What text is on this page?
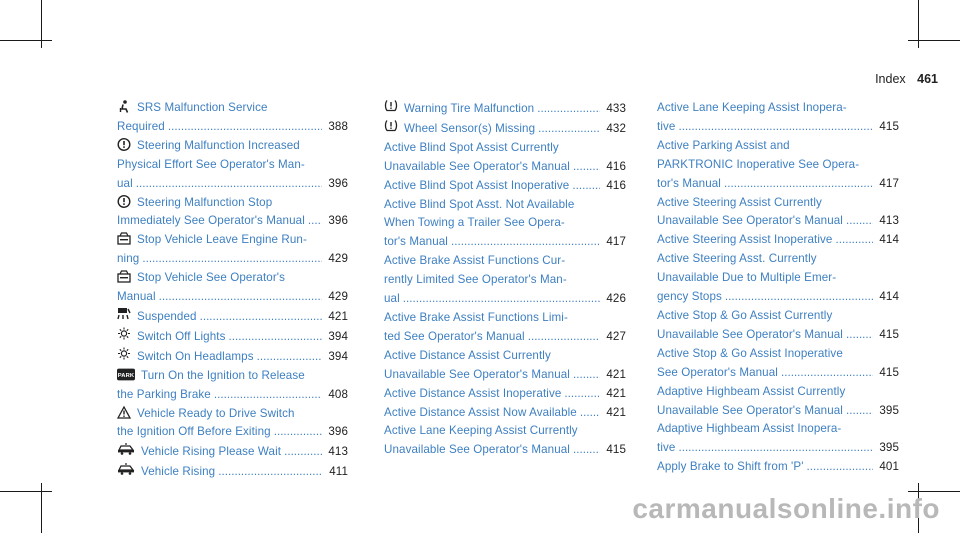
Index 461
SRS Malfunction Service
Required . . .	388
Steering Malfunction Increased
Physical Effort See Operator's Man-
ual . . .	396
Steering Malfunction Stop
Immediately See Operator's Manual . . . 396
Stop Vehicle Leave Engine Run-
ning . . .	429
Stop Vehicle See Operator's
Manual . . .	429
Suspended . . .	421
Switch Off Lights . . .	394
Switch On Headlamps . . .	394
PARK Turn On the Ignition to Release
the Parking Brake . . .	408
Vehicle Ready to Drive Switch
the Ignition Off Before Exiting . . .	396
Vehicle Rising Please Wait . . .	413
Vehicle Rising . . .	411
Warning Tire Malfunction . . .	433
Wheel Sensor(s) Missing . . .	432
Active Blind Spot Assist Currently
Unavailable See Operator's Manual . . .	416
Active Blind Spot Assist Inoperative . . .	416
Active Blind Spot Asst. Not Available
When Towing a Trailer See Opera-
tor's Manual . . .	417
Active Brake Assist Functions Cur-
rently Limited See Operator's Man-
ual . . .	426
Active Brake Assist Functions Limi-
ted See Operator's Manual . . .	427
Active Distance Assist Currently
Unavailable See Operator's Manual . . .	421
Active Distance Assist Inoperative . . .	421
Active Distance Assist Now Available . . .	421
Active Lane Keeping Assist Currently
Unavailable See Operator's Manual . . .	415
Active Lane Keeping Assist Inopera-
tive . . .	415
Active Parking Assist and
PARKTRONIC Inoperative See Opera-
tor's Manual . . .	417
Active Steering Assist Currently
Unavailable See Operator's Manual . . .	413
Active Steering Assist Inoperative . . .	414
Active Steering Asst. Currently
Unavailable Due to Multiple Emer-
gency Stops . . .	414
Active Stop & Go Assist Currently
Unavailable See Operator's Manual . . .	415
Active Stop & Go Assist Inoperative
See Operator's Manual . . .	415
Adaptive Highbeam Assist Currently
Unavailable See Operator's Manual . . .	395
Adaptive Highbeam Assist Inopera-
tive . . .	395
Apply Brake to Shift from 'P' . . .	401
carmanualsonline.info
